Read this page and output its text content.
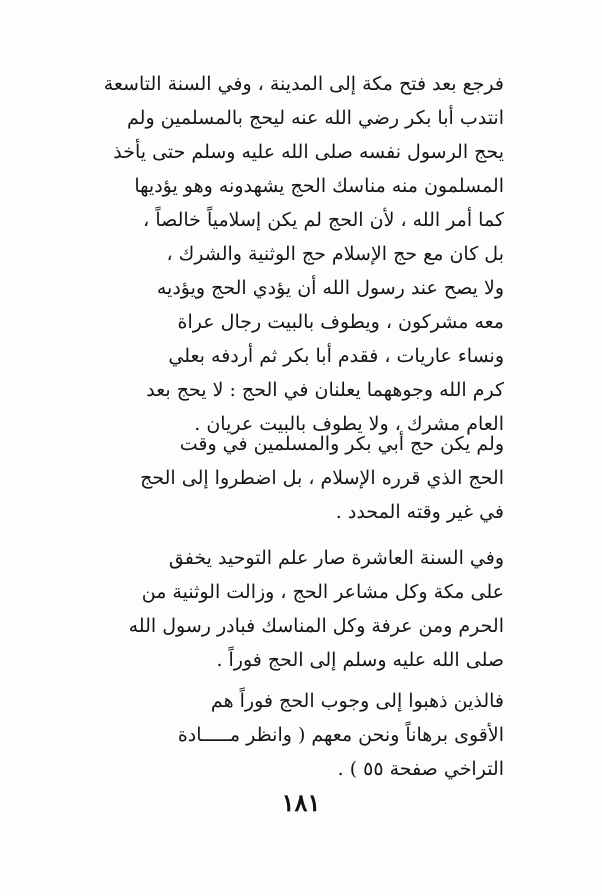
فرجع بعد فتح مكة إلى المدينة ، وفي السنة التاسعة
انتدب أبا بكر رضي الله عنه ليحج بالمسلمين ولم
يحج الرسول نفسه صلى الله عليه وسلم حتى يأخذ
المسلمون منه مناسك الحج يشهدونه وهو يؤديها
كما أمر الله ، لأن الحج لم يكن إسلامياً خالصاً ،
بل كان مع حج الإسلام حج الوثنية والشرك ،
ولا يصح عند رسول الله أن يؤدي الحج ويؤديه
معه مشركون ، ويطوف بالبيت رجال عراة
ونساء عاريات ، فقدم أبا بكر ثم أردفه بعلي
كرم الله وجوههما يعلنان في الحج : لا يحج بعد
العام مشرك ، ولا يطوف بالبيت عريان .
ولم يكن حج أبي بكر والمسلمين في وقت
الحج الذي قرره الإسلام ، بل اضطروا إلى الحج
في غير وقته المحدد .
وفي السنة العاشرة صار علم التوحيد يخفق
على مكة وكل مشاعر الحج ، وزالت الوثنية من
الحرم ومن عرفة وكل المناسك فبادر رسول الله
صلى الله عليه وسلم إلى الحج فوراً .
فالذين ذهبوا إلى وجوب الحج فوراً هم
الأقوى برهاناً ونحن معهم ( وانظر مـــــادة
التراخي صفحة ٥٥ ) .
١٨١
